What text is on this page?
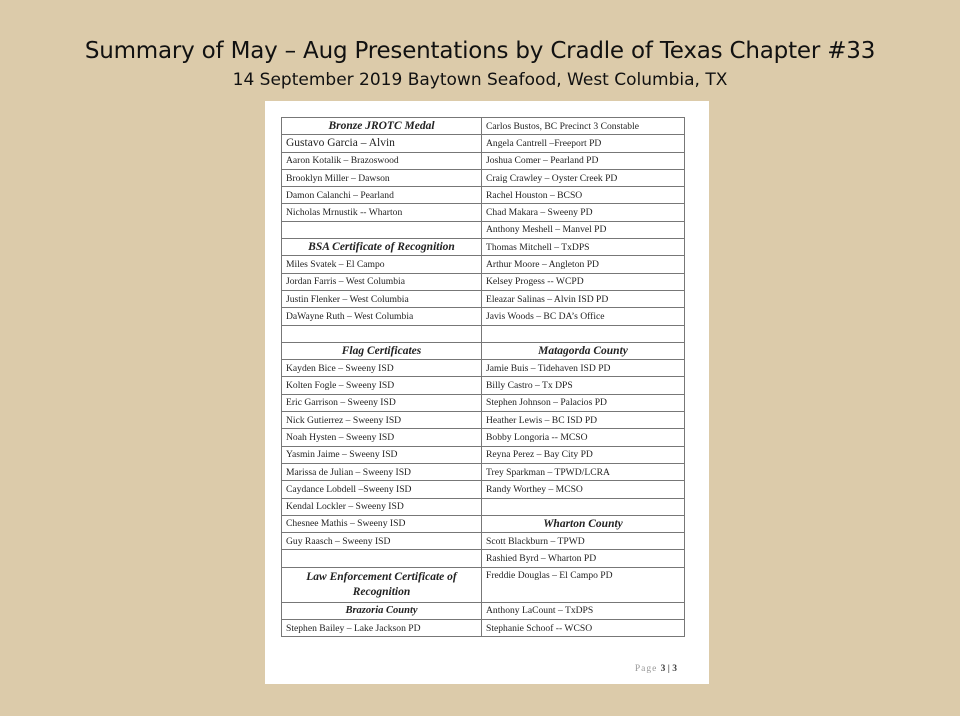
Summary of May – Aug Presentations by Cradle of Texas Chapter #33
14 September 2019 Baytown Seafood, West Columbia, TX
Bronze JROTC Medal	Carlos Bustos, BC Precinct 3 Constable
Gustavo Garcia – Alvin	Angela Cantrell –Freeport PD
Aaron Kotalik – Brazoswood	Joshua Comer – Pearland PD
Brooklyn Miller – Dawson	Craig Crawley – Oyster Creek PD
Damon Calanchi – Pearland	Rachel Houston – BCSO
Nicholas Mrnustik -- Wharton	Chad Makara – Sweeny PD
	Anthony Meshell – Manvel PD
BSA Certificate of Recognition	Thomas Mitchell – TxDPS
Miles Svatek – El Campo	Arthur Moore – Angleton PD
Jordan Farris – West Columbia	Kelsey Progess -- WCPD
Justin Flenker – West Columbia	Eleazar Salinas – Alvin ISD PD
DaWayne Ruth – West Columbia	Javis Woods – BC DA’s Office

Flag Certificates	Matagorda County
Kayden Bice – Sweeny ISD	Jamie Buis – Tidehaven ISD PD
Kolten Fogle – Sweeny ISD	Billy Castro – Tx DPS
Eric Garrison – Sweeny ISD	Stephen Johnson – Palacios PD
Nick Gutierrez – Sweeny ISD	Heather Lewis – BC ISD PD
Noah Hysten – Sweeny ISD	Bobby Longoria -- MCSO
Yasmin Jaime – Sweeny ISD	Reyna Perez – Bay City PD
Marissa de Julian – Sweeny ISD	Trey Sparkman – TPWD/LCRA
Caydance Lobdell –Sweeny ISD	Randy Worthey – MCSO
Kendal Lockler – Sweeny ISD	
Chesnee Mathis – Sweeny ISD	Wharton County
Guy Raasch – Sweeny ISD	Scott Blackburn – TPWD
	Rashied Byrd – Wharton PD
Law Enforcement Certificate of Recognition	Freddie Douglas – El Campo PD
Brazoria County	Anthony LaCount – TxDPS
Stephen Bailey – Lake Jackson PD	Stephanie Schoof -- WCSO
Page 3 | 3
